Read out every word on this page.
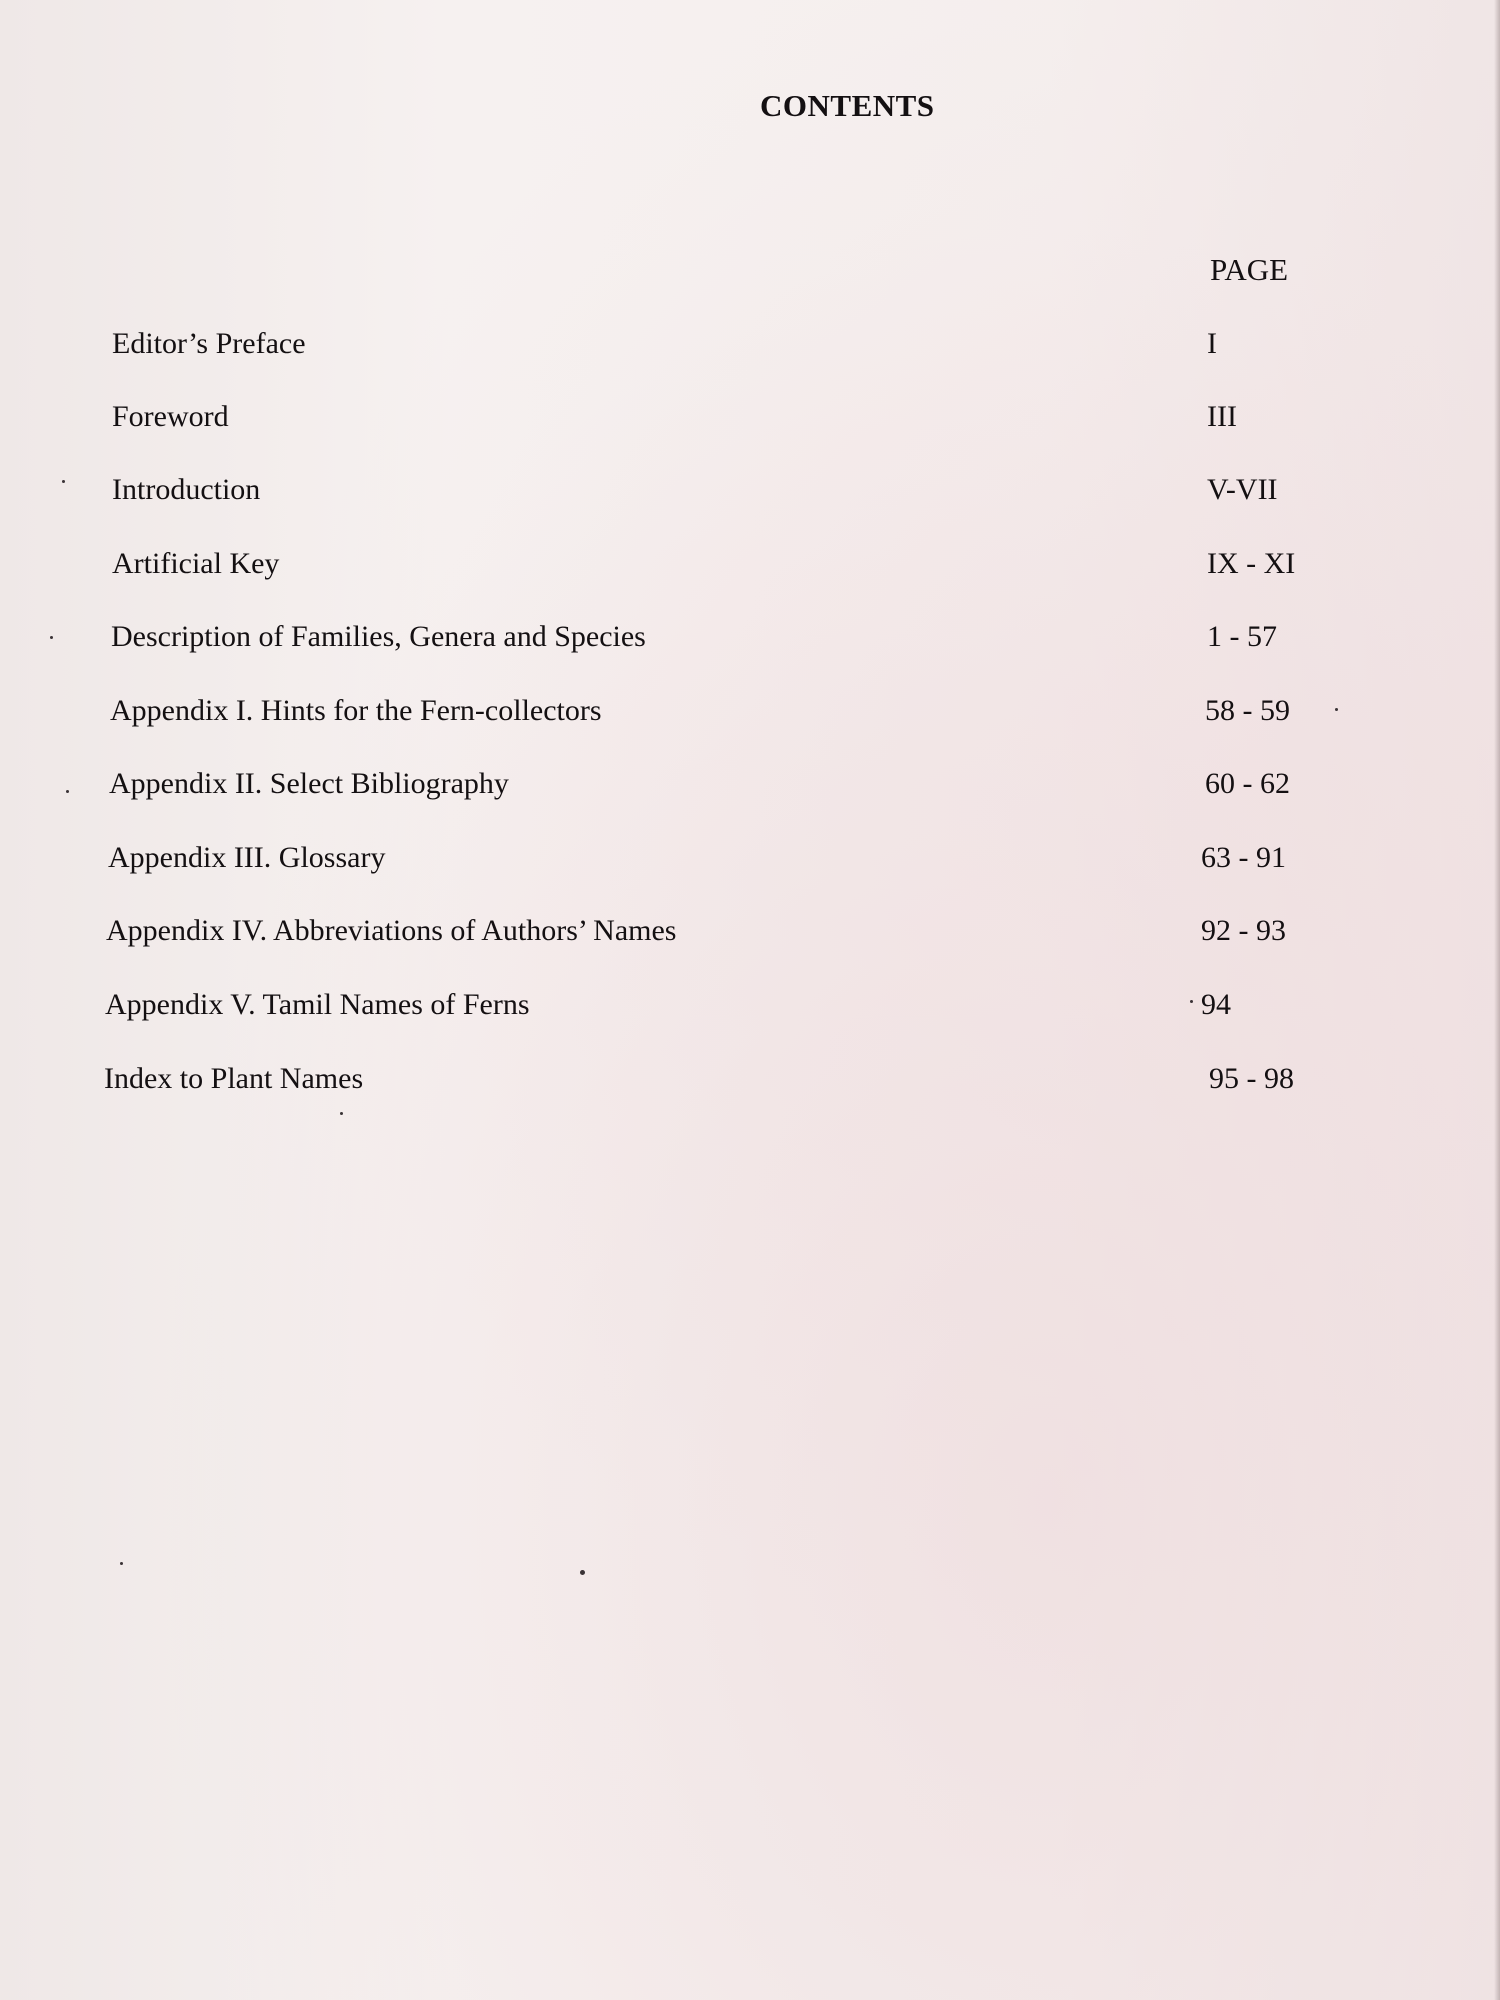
CONTENTS
PAGE
Editor’s Preface	I
Foreword	III
Introduction	V-VII
Artificial Key	IX - XI
Description of Families, Genera and Species	1 - 57
Appendix I. Hints for the Fern-collectors	58 - 59
Appendix II. Select Bibliography	60 - 62
Appendix III. Glossary	63 - 91
Appendix IV. Abbreviations of Authors’ Names	92 - 93
Appendix V. Tamil Names of Ferns	94
Index to Plant Names	95 - 98
